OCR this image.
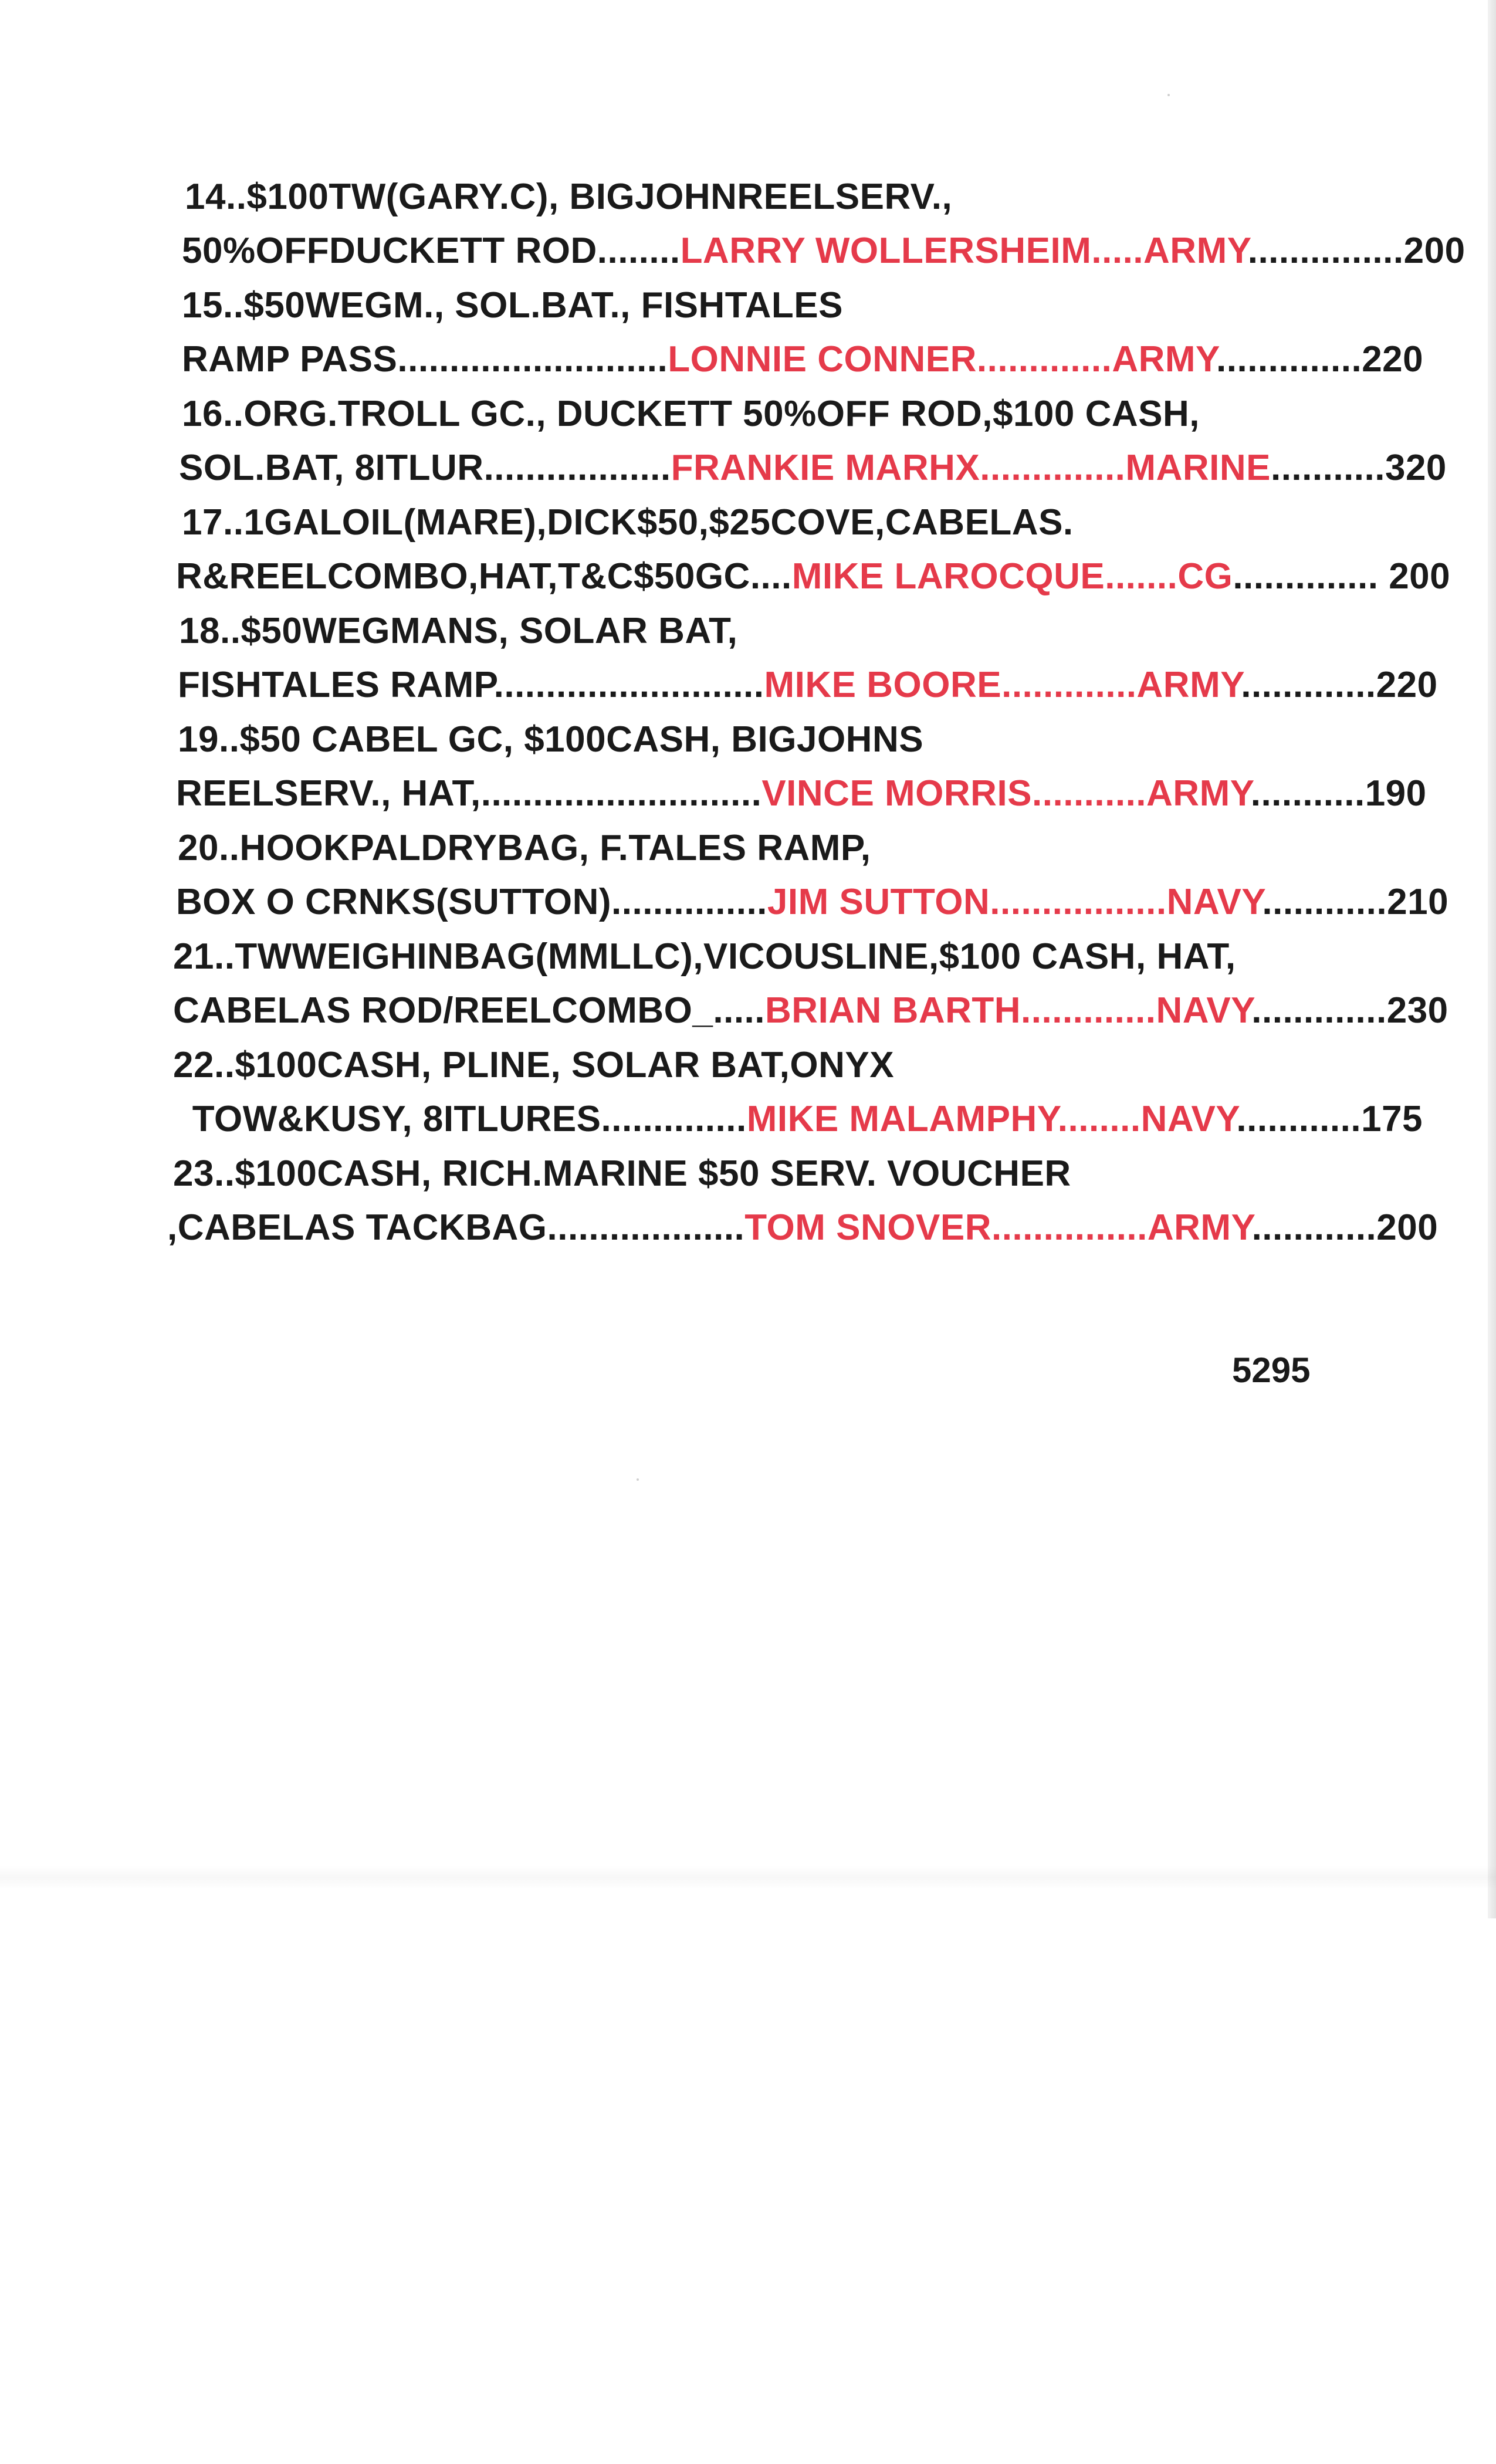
14..$100TW(GARY.C), BIGJOHNREELSERV.,
50%OFFDUCKETT ROD........LARRY WOLLERSHEIM.....ARMY...............200
15..$50WEGM., SOL.BAT., FISHTALES
RAMP PASS..........................LONNIE CONNER.............ARMY..............220
16..ORG.TROLL GC., DUCKETT 50%OFF ROD,$100 CASH,
SOL.BAT, 8ITLUR..................FRANKIE MARHX..............MARINE...........320
17..1GALOIL(MARE),DICK$50,$25COVE,CABELAS.
R&REELCOMBO,HAT,T&C$50GC....MIKE LAROCQUE.......CG.............. 200
18..$50WEGMANS, SOLAR BAT,
FISHTALES RAMP..........................MIKE BOORE.............ARMY.............220
19..$50 CABEL GC, $100CASH, BIGJOHNS
REELSERV., HAT,...........................VINCE MORRIS...........ARMY...........190
20..HOOKPALDRYBAG, F.TALES RAMP,
BOX O CRNKS(SUTTON)...............JIM SUTTON.................NAVY............210
21..TWWEIGHINBAG(MMLLC),VICOUSLINE,$100 CASH, HAT,
CABELAS ROD/REELCOMBO_.....BRIAN BARTH.............NAVY.............230
22..$100CASH, PLINE, SOLAR BAT,ONYX
TOW&KUSY, 8ITLURES..............MIKE MALAMPHY........NAVY............175
23..$100CASH, RICH.MARINE $50 SERV. VOUCHER
,CABELAS TACKBAG...................TOM SNOVER...............ARMY............200
5295
